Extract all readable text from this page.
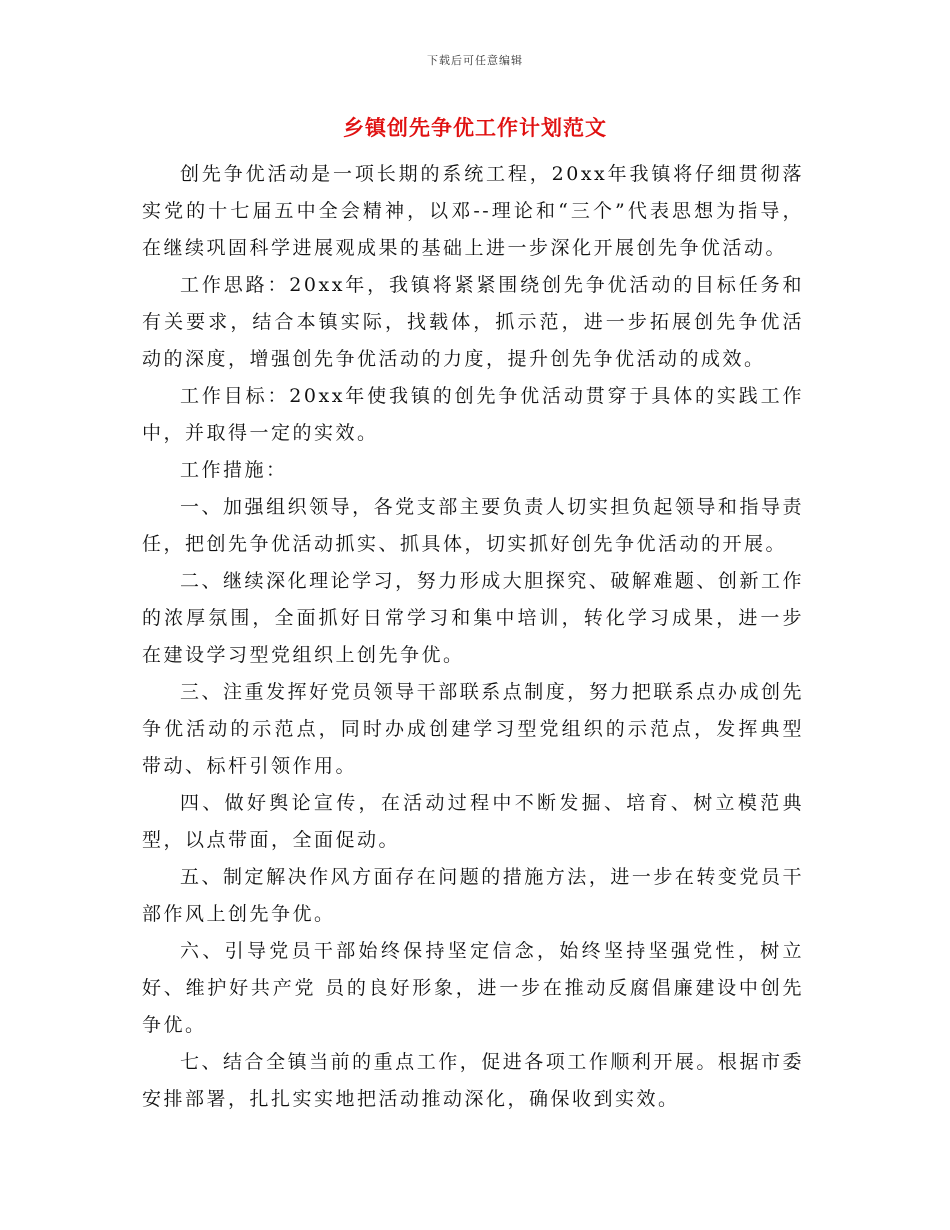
下载后可任意编辑
乡镇创先争优工作计划范文

创先争优活动是一项长期的系统工程，20xx年我镇将仔细贯彻落实党的十七届五中全会精神，以邓--理论和“三个”代表思想为指导，在继续巩固科学进展观成果的基础上进一步深化开展创先争优活动。

工作思路：20xx年，我镇将紧紧围绕创先争优活动的目标任务和有关要求，结合本镇实际，找载体，抓示范，进一步拓展创先争优活动的深度，增强创先争优活动的力度，提升创先争优活动的成效。

工作目标：20xx年使我镇的创先争优活动贯穿于具体的实践工作中，并取得一定的实效。

工作措施：

一、加强组织领导，各党支部主要负责人切实担负起领导和指导责任，把创先争优活动抓实、抓具体，切实抓好创先争优活动的开展。

二、继续深化理论学习，努力形成大胆探究、破解难题、创新工作的浓厚氛围，全面抓好日常学习和集中培训，转化学习成果，进一步在建设学习型党组织上创先争优。

三、注重发挥好党员领导干部联系点制度，努力把联系点办成创先争优活动的示范点，同时办成创建学习型党组织的示范点，发挥典型带动、标杆引领作用。

四、做好舆论宣传，在活动过程中不断发掘、培育、树立模范典型，以点带面，全面促动。

五、制定解决作风方面存在问题的措施方法，进一步在转变党员干部作风上创先争优。

六、引导党员干部始终保持坚定信念，始终坚持坚强党性，树立好、维护好共产党 员的良好形象，进一步在推动反腐倡廉建设中创先争优。

七、结合全镇当前的重点工作，促进各项工作顺利开展。根据市委安排部署，扎扎实实地把活动推动深化，确保收到实效。
